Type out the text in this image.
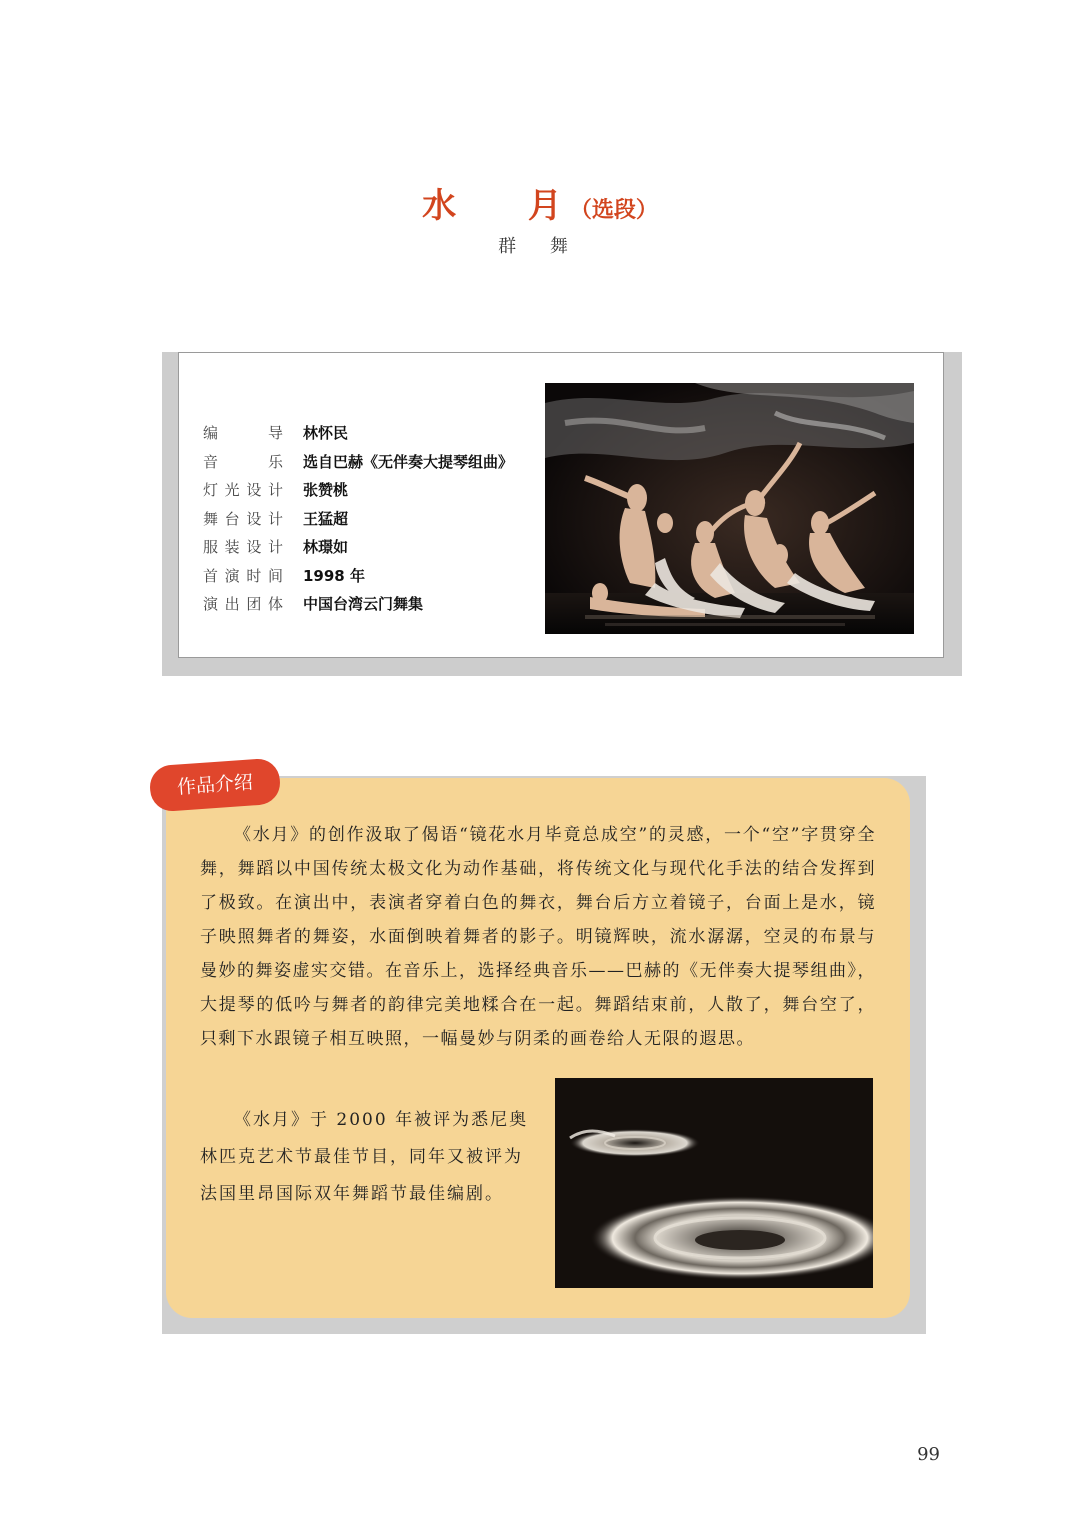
水 月（选段）
群 舞
编导 林怀民
音乐 选自巴赫《无伴奏大提琴组曲》
灯光设计 张赞桃
舞台设计 王猛超
服装设计 林璟如
首演时间 1998 年
演出团体 中国台湾云门舞集
作品介绍

《水月》的创作汲取了偈语“镜花水月毕竟总成空”的灵感，一个“空”字贯穿全舞，舞蹈以中国传统太极文化为动作基础，将传统文化与现代化手法的结合发挥到了极致。在演出中，表演者穿着白色的舞衣，舞台后方立着镜子，台面上是水，镜子映照舞者的舞姿，水面倒映着舞者的影子。明镜辉映，流水潺潺，空灵的布景与曼妙的舞姿虚实交错。在音乐上，选择经典音乐——巴赫的《无伴奏大提琴组曲》，大提琴的低吟与舞者的韵律完美地糅合在一起。舞蹈结束前，人散了，舞台空了，只剩下水跟镜子相互映照，一幅曼妙与阴柔的画卷给人无限的遐思。

《水月》于 2000 年被评为悉尼奥林匹克艺术节最佳节目，同年又被评为法国里昂国际双年舞蹈节最佳编剧。

99
